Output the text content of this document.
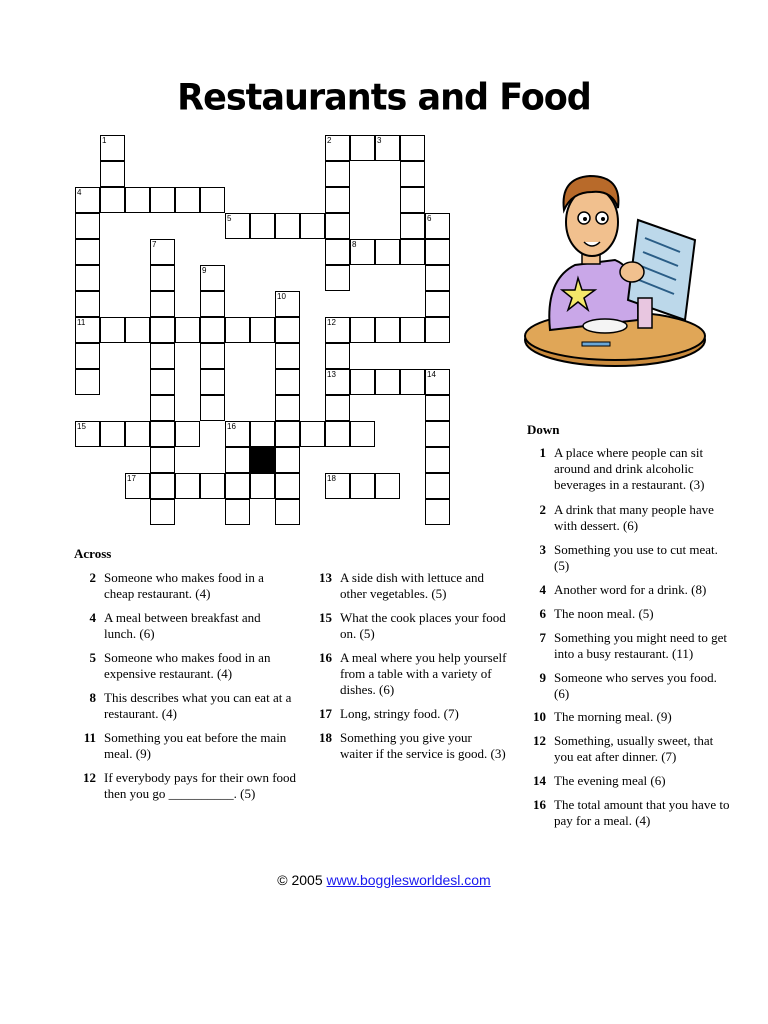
Restaurants and Food
1	2	3
4
5	6
7	8
9
10
11	12
13	14
15	16
17	18
Across
Down
2 Someone who makes food in a cheap restaurant. (4)
4 A meal between breakfast and lunch. (6)
5 Someone who makes food in an expensive restaurant. (4)
8 This describes what you can eat at a restaurant. (4)
11 Something you eat before the main meal. (9)
12 If everybody pays for their own food then you go __________. (5)
13 A side dish with lettuce and other vegetables. (5)
15 What the cook places your food on. (5)
16 A meal where you help yourself from a table with a variety of dishes. (6)
17 Long, stringy food. (7)
18 Something you give your waiter if the service is good. (3)
1 A place where people can sit around and drink alcoholic beverages in a restaurant. (3)
2 A drink that many people have with dessert. (6)
3 Something you use to cut meat. (5)
4 Another word for a drink. (8)
6 The noon meal. (5)
7 Something you might need to get into a busy restaurant. (11)
9 Someone who serves you food. (6)
10 The morning meal. (9)
12 Something, usually sweet, that you eat after dinner. (7)
14 The evening meal (6)
16 The total amount that you have to pay for a meal. (4)
© 2005 www.bogglesworldesl.com
